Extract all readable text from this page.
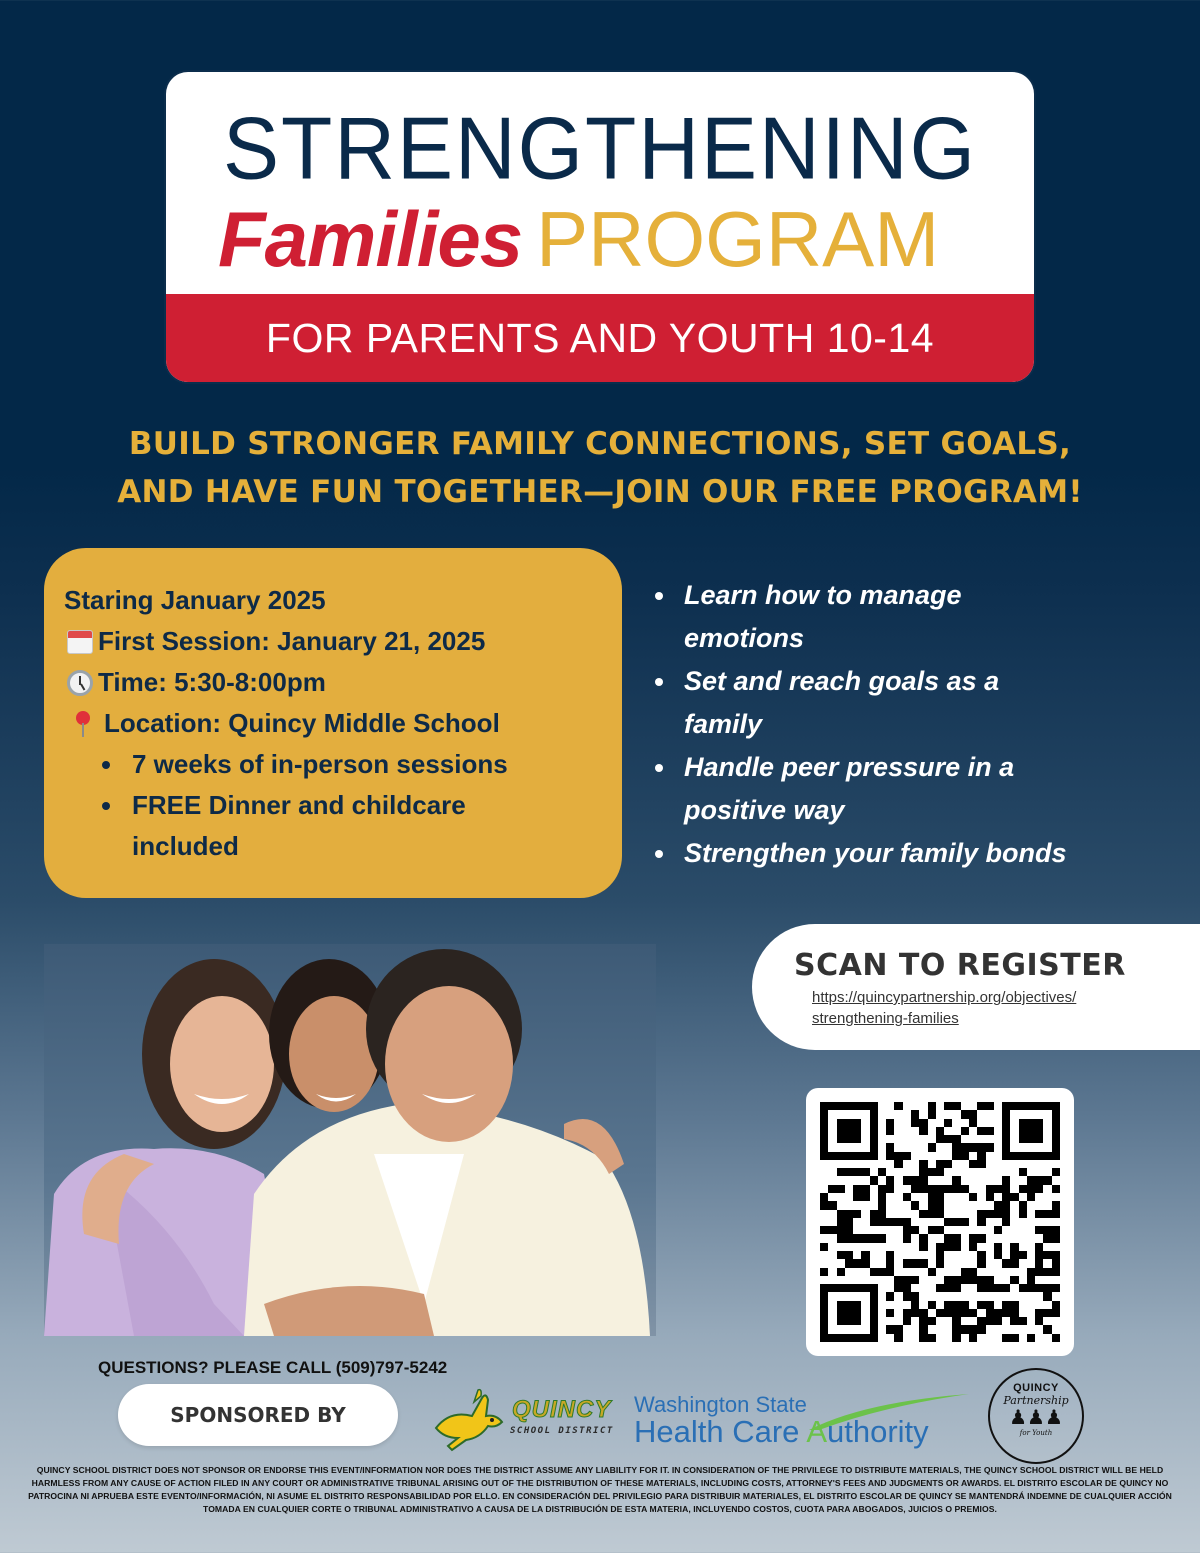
STRENGTHENING
Families PROGRAM
FOR PARENTS AND YOUTH 10-14
BUILD STRONGER FAMILY CONNECTIONS, SET GOALS,
AND HAVE FUN TOGETHER—JOIN OUR FREE PROGRAM!
Staring January 2025
First Session: January 21, 2025
Time: 5:30-8:00pm
Location: Quincy Middle School
7 weeks of in-person sessions
FREE Dinner and childcare included
Learn how to manage emotions
Set and reach goals as a family
Handle peer pressure in a positive way
Strengthen your family bonds
SCAN TO REGISTER
https://quincypartnership.org/objectives/
strengthening-families
QUESTIONS? PLEASE CALL (509)797-5242
SPONSORED BY	QUINCY
SCHOOL DISTRICT
Washington State
Health Care Authority
QUINCY
Partnership
♟♟♟
for Youth
QUINCY SCHOOL DISTRICT DOES NOT SPONSOR OR ENDORSE THIS EVENT/INFORMATION NOR DOES THE DISTRICT ASSUME ANY LIABILITY FOR IT. IN CONSIDERATION OF THE PRIVILEGE TO DISTRIBUTE MATERIALS, THE QUINCY SCHOOL DISTRICT WILL BE HELD HARMLESS FROM ANY CAUSE OF ACTION FILED IN ANY COURT OR ADMINISTRATIVE TRIBUNAL ARISING OUT OF THE DISTRIBUTION OF THESE MATERIALS, INCLUDING COSTS, ATTORNEY'S FEES AND JUDGMENTS OR AWARDS. EL DISTRITO ESCOLAR DE QUINCY NO PATROCINA NI APRUEBA ESTE EVENTO/INFORMACIÓN, NI ASUME EL DISTRITO RESPONSABILIDAD POR ELLO. EN CONSIDERACIÓN DEL PRIVILEGIO PARA DISTRIBUIR MATERIALES, EL DISTRITO ESCOLAR DE QUINCY SE MANTENDRÁ INDEMNE DE CUALQUIER ACCIÓN TOMADA EN CUALQUIER CORTE O TRIBUNAL ADMINISTRATIVO A CAUSA DE LA DISTRIBUCIÓN DE ESTA MATERIA, INCLUYENDO COSTOS, CUOTA PARA ABOGADOS, JUICIOS O PREMIOS.
